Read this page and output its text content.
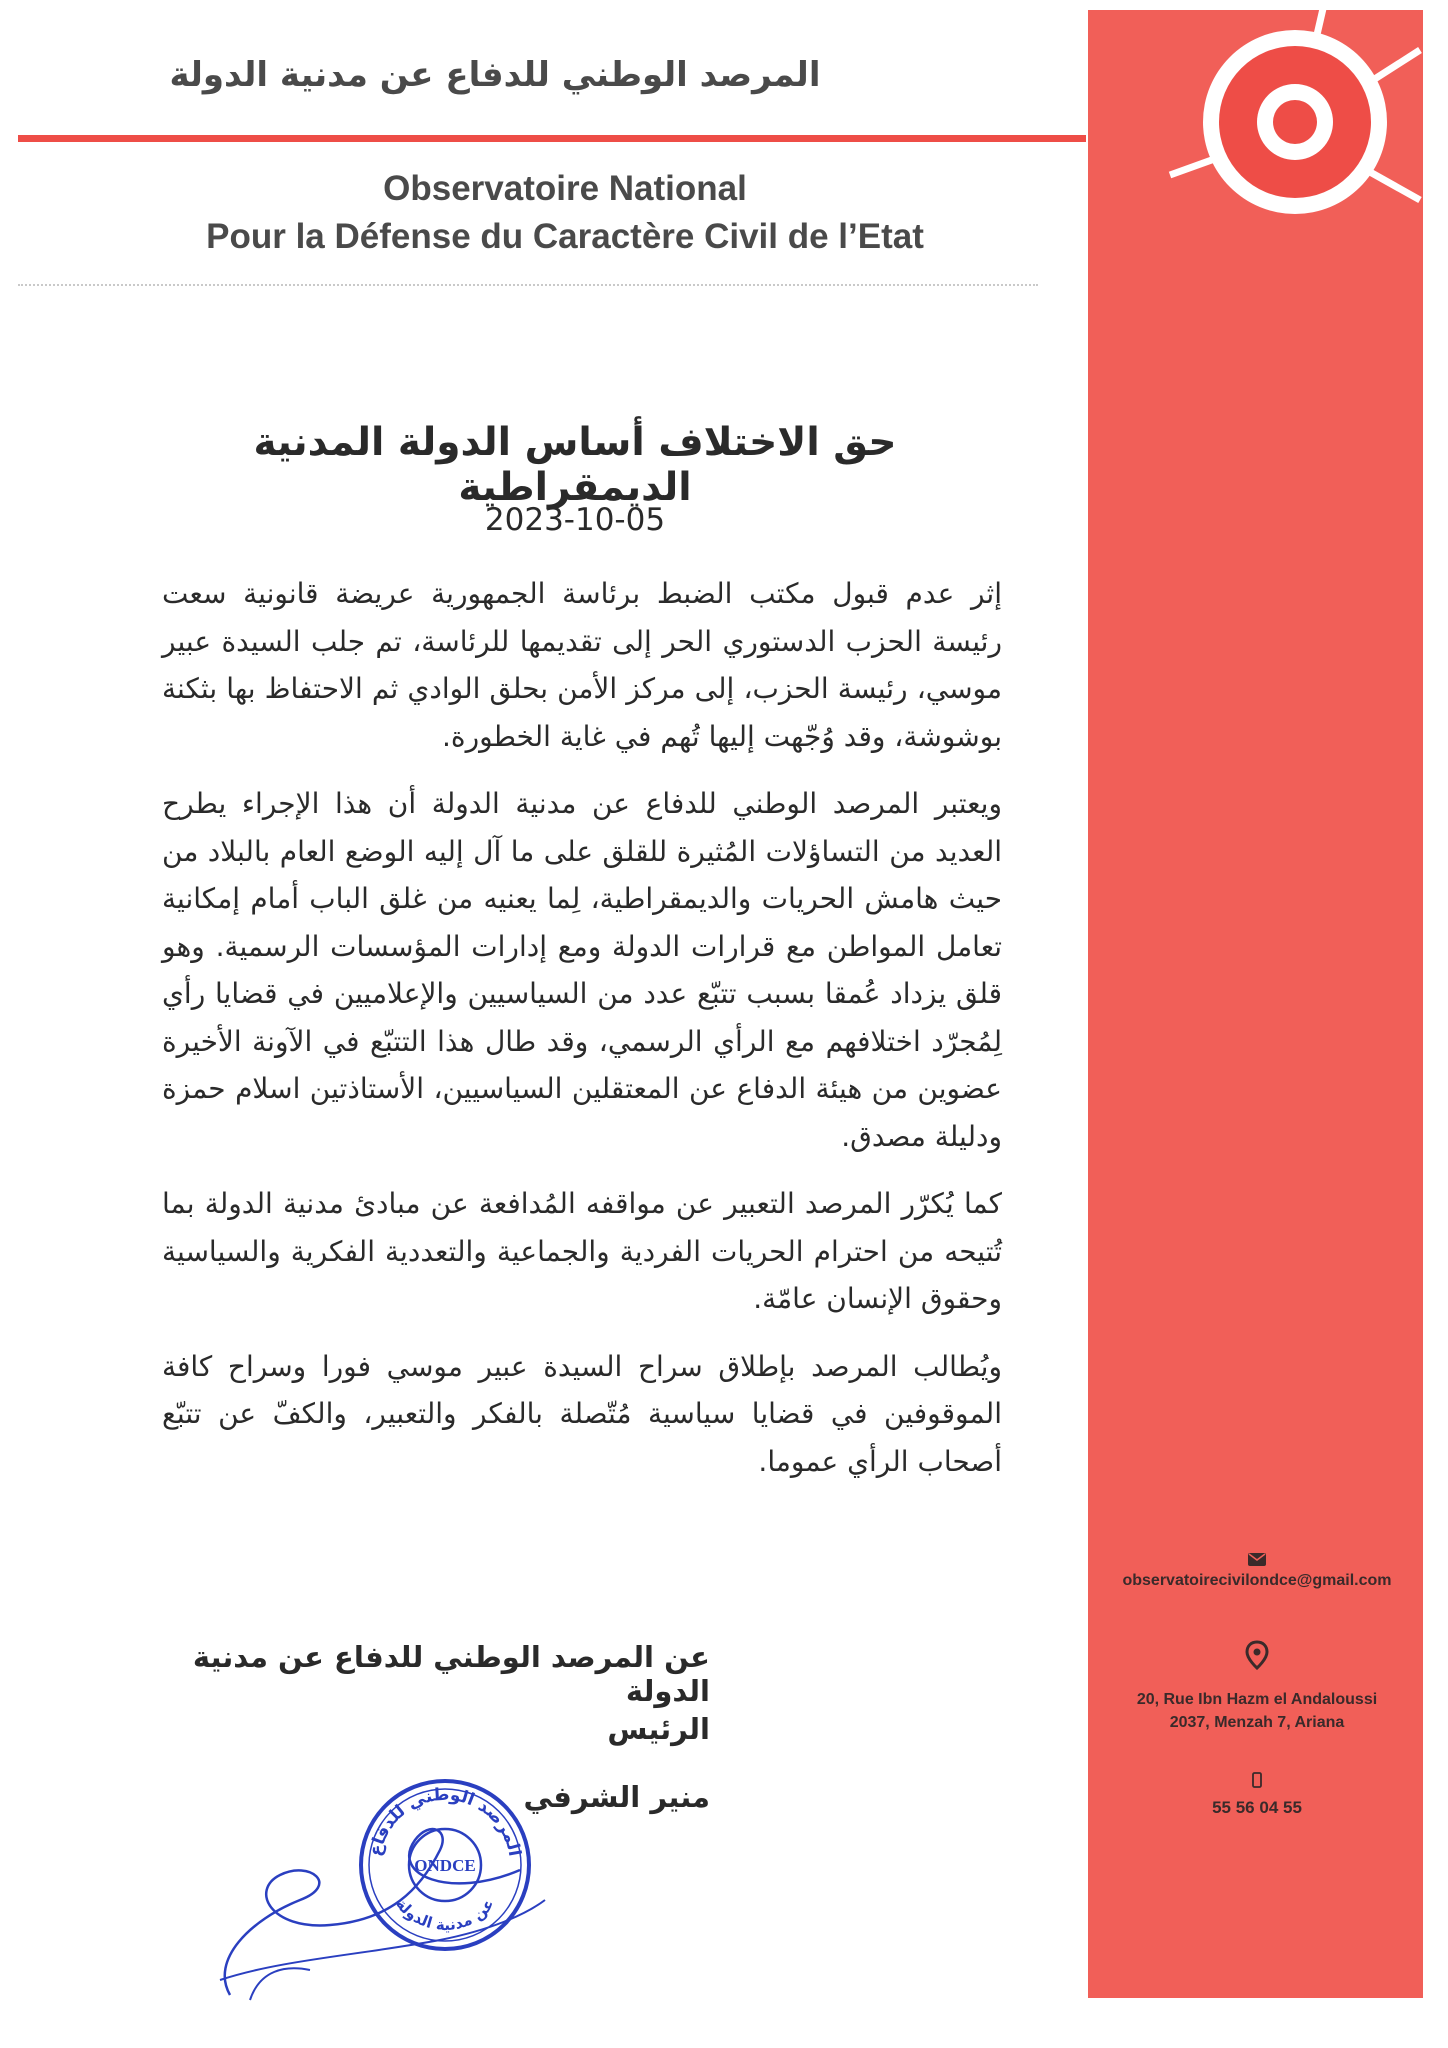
المرصد الوطني للدفاع عن مدنية الدولة
Observatoire National
Pour la Défense du Caractère Civil de l’Etat
حق الاختلاف أساس الدولة المدنية الديمقراطية
2023-10-05

إثر عدم قبول مكتب الضبط برئاسة الجمهورية عريضة قانونية سعت رئيسة الحزب الدستوري الحر إلى تقديمها للرئاسة، تم جلب السيدة عبير موسي، رئيسة الحزب، إلى مركز الأمن بحلق الوادي ثم الاحتفاظ بها بثكنة بوشوشة، وقد وُجّهت إليها تُهم في غاية الخطورة.

ويعتبر المرصد الوطني للدفاع عن مدنية الدولة أن هذا الإجراء يطرح العديد من التساؤلات المُثيرة للقلق على ما آل إليه الوضع العام بالبلاد من حيث هامش الحريات والديمقراطية، لِما يعنيه من غلق الباب أمام إمكانية تعامل المواطن مع قرارات الدولة ومع إدارات المؤسسات الرسمية. وهو قلق يزداد عُمقا بسبب تتبّع عدد من السياسيين والإعلاميين في قضايا رأي لِمُجرّد اختلافهم مع الرأي الرسمي، وقد طال هذا التتبّع في الآونة الأخيرة عضوين من هيئة الدفاع عن المعتقلين السياسيين، الأستاذتين اسلام حمزة ودليلة مصدق.

كما يُكرّر المرصد التعبير عن مواقفه المُدافعة عن مبادئ مدنية الدولة بما تُتيحه من احترام الحريات الفردية والجماعية والتعددية الفكرية والسياسية وحقوق الإنسان عامّة.

ويُطالب المرصد بإطلاق سراح السيدة عبير موسي فورا وسراح كافة الموقوفين في قضايا سياسية مُتّصلة بالفكر والتعبير، والكفّ عن تتبّع أصحاب الرأي عموما.

عن المرصد الوطني للدفاع عن مدنية الدولة
الرئيس
منير الشرفي
المرصد الوطني للدفاع
عن مدنية الدولة
ONDCE
observatoirecivilondce@gmail.com
20, Rue Ibn Hazm el Andaloussi
2037, Menzah 7, Ariana
55 56 04 55
